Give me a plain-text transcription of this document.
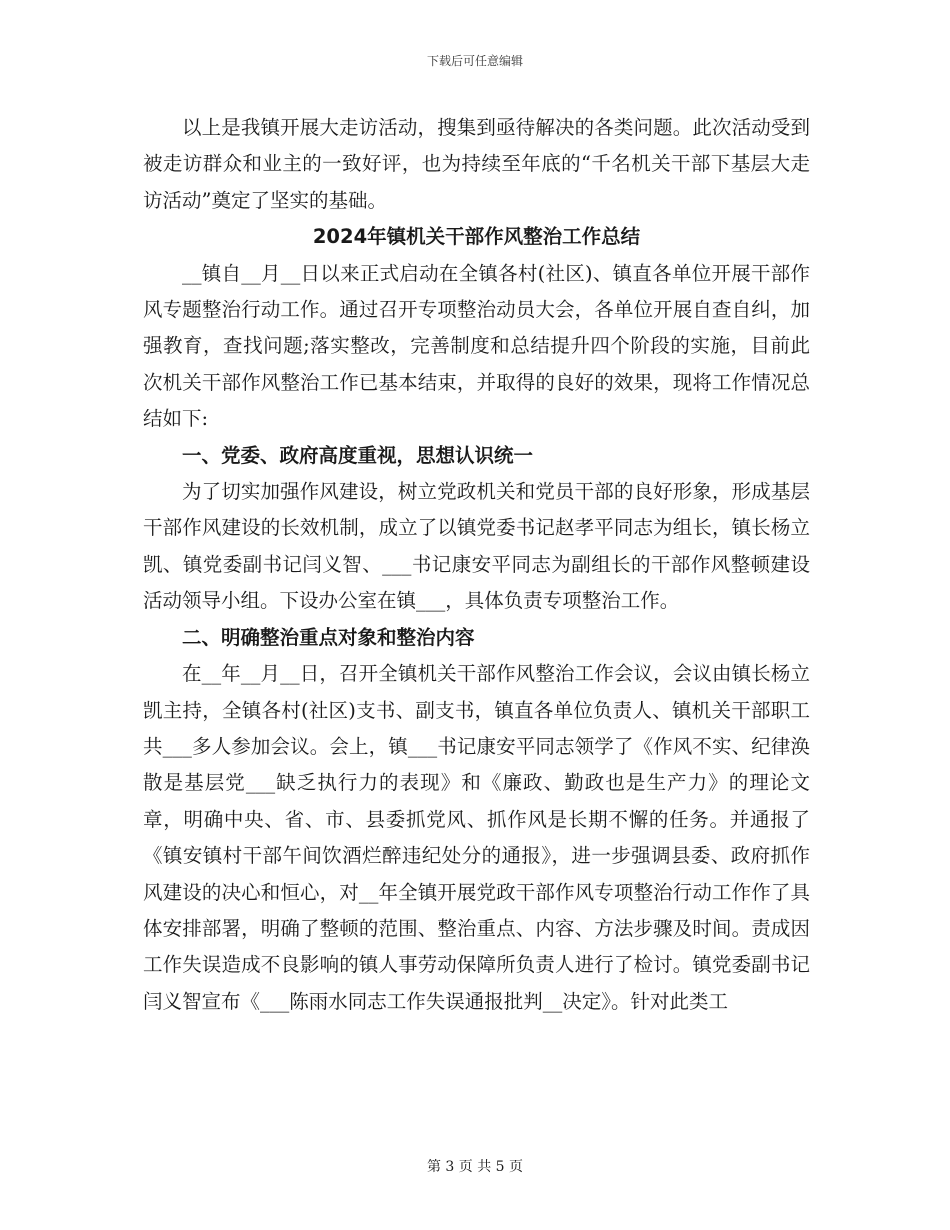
下载后可任意编辑

以上是我镇开展大走访活动，搜集到亟待解决的各类问题。此次活动受到被走访群众和业主的一致好评，也为持续至年底的“千名机关干部下基层大走访活动”奠定了坚实的基础。

2024年镇机关干部作风整治工作总结

__镇自__月__日以来正式启动在全镇各村(社区)、镇直各单位开展干部作风专题整治行动工作。通过召开专项整治动员大会，各单位开展自查自纠，加强教育，查找问题;落实整改，完善制度和总结提升四个阶段的实施，目前此次机关干部作风整治工作已基本结束，并取得的良好的效果，现将工作情况总结如下:

一、党委、政府高度重视，思想认识统一

为了切实加强作风建设，树立党政机关和党员干部的良好形象，形成基层干部作风建设的长效机制，成立了以镇党委书记赵孝平同志为组长，镇长杨立凯、镇党委副书记闫义智、___书记康安平同志为副组长的干部作风整顿建设活动领导小组。下设办公室在镇___，具体负责专项整治工作。

二、明确整治重点对象和整治内容

在__年__月__日，召开全镇机关干部作风整治工作会议，会议由镇长杨立凯主持，全镇各村(社区)支书、副支书，镇直各单位负责人、镇机关干部职工共___多人参加会议。会上，镇___书记康安平同志领学了《作风不实、纪律涣散是基层党___缺乏执行力的表现》和《廉政、勤政也是生产力》的理论文章，明确中央、省、市、县委抓党风、抓作风是长期不懈的任务。并通报了《镇安镇村干部午间饮酒烂醉违纪处分的通报》，进一步强调县委、政府抓作风建设的决心和恒心，对__年全镇开展党政干部作风专项整治行动工作作了具体安排部署，明确了整顿的范围、整治重点、内容、方法步骤及时间。责成因工作失误造成不良影响的镇人事劳动保障所负责人进行了检讨。镇党委副书记闫义智宣布《___陈雨水同志工作失误通报批判__决定》。针对此类工

第 3 页 共 5 页
